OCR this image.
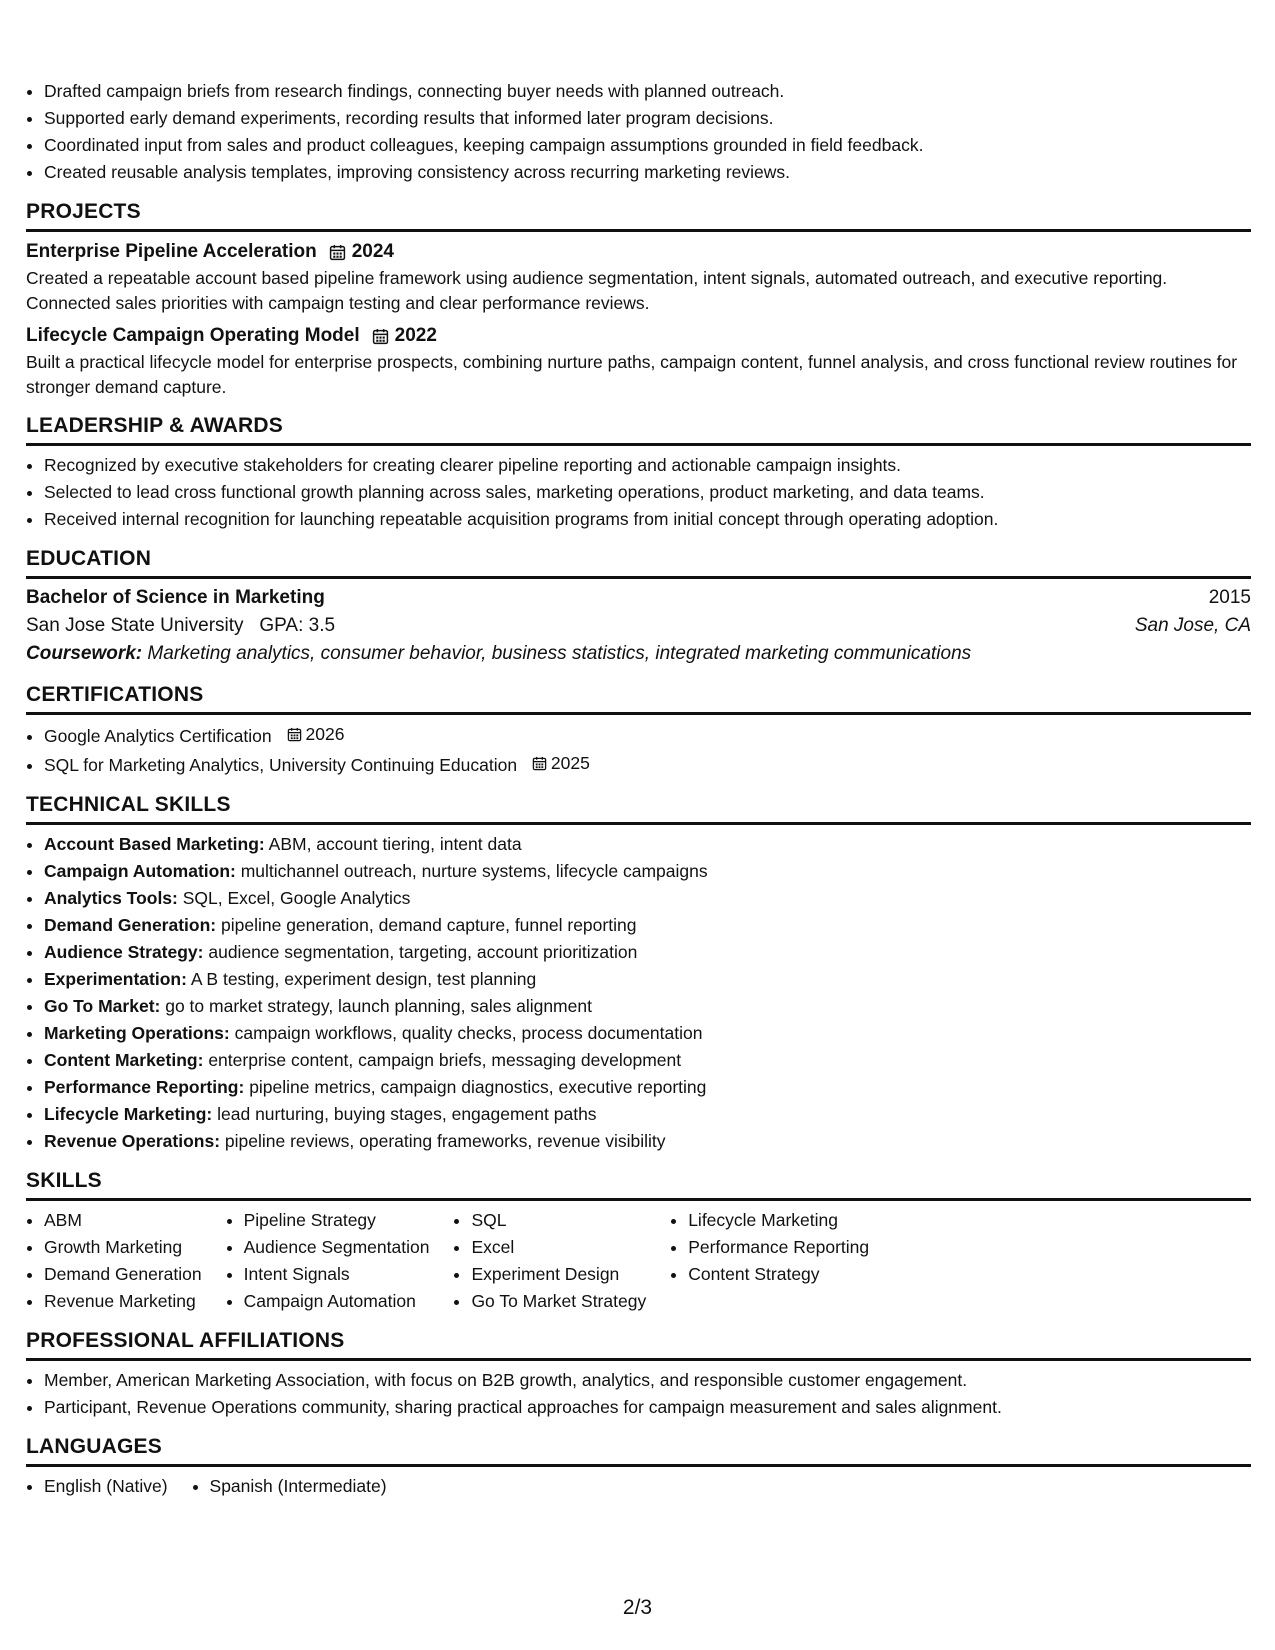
• Drafted campaign briefs from research findings, connecting buyer needs with planned outreach.
• Supported early demand experiments, recording results that informed later program decisions.
• Coordinated input from sales and product colleagues, keeping campaign assumptions grounded in field feedback.
• Created reusable analysis templates, improving consistency across recurring marketing reviews.
PROJECTS
Enterprise Pipeline Acceleration 2024
Created a repeatable account based pipeline framework using audience segmentation, intent signals, automated outreach, and executive reporting. Connected sales priorities with campaign testing and clear performance reviews.
Lifecycle Campaign Operating Model 2022
Built a practical lifecycle model for enterprise prospects, combining nurture paths, campaign content, funnel analysis, and cross functional review routines for stronger demand capture.
LEADERSHIP & AWARDS
• Recognized by executive stakeholders for creating clearer pipeline reporting and actionable campaign insights.
• Selected to lead cross functional growth planning across sales, marketing operations, product marketing, and data teams.
• Received internal recognition for launching repeatable acquisition programs from initial concept through operating adoption.
EDUCATION
Bachelor of Science in Marketing	2015
San Jose State University GPA: 3.5	San Jose, CA
Coursework: Marketing analytics, consumer behavior, business statistics, integrated marketing communications
CERTIFICATIONS
• Google Analytics Certification 2026
• SQL for Marketing Analytics, University Continuing Education 2025
TECHNICAL SKILLS
• Account Based Marketing: ABM, account tiering, intent data
• Campaign Automation: multichannel outreach, nurture systems, lifecycle campaigns
• Analytics Tools: SQL, Excel, Google Analytics
• Demand Generation: pipeline generation, demand capture, funnel reporting
• Audience Strategy: audience segmentation, targeting, account prioritization
• Experimentation: A B testing, experiment design, test planning
• Go To Market: go to market strategy, launch planning, sales alignment
• Marketing Operations: campaign workflows, quality checks, process documentation
• Content Marketing: enterprise content, campaign briefs, messaging development
• Performance Reporting: pipeline metrics, campaign diagnostics, executive reporting
• Lifecycle Marketing: lead nurturing, buying stages, engagement paths
• Revenue Operations: pipeline reviews, operating frameworks, revenue visibility
SKILLS
• ABM
• Growth Marketing
• Demand Generation
• Revenue Marketing
• Pipeline Strategy
• Audience Segmentation
• Intent Signals
• Campaign Automation
• SQL
• Excel
• Experiment Design
• Go To Market Strategy
• Lifecycle Marketing
• Performance Reporting
• Content Strategy
PROFESSIONAL AFFILIATIONS
• Member, American Marketing Association, with focus on B2B growth, analytics, and responsible customer engagement.
• Participant, Revenue Operations community, sharing practical approaches for campaign measurement and sales alignment.
LANGUAGES
• English (Native)
• Spanish (Intermediate)
2/3
